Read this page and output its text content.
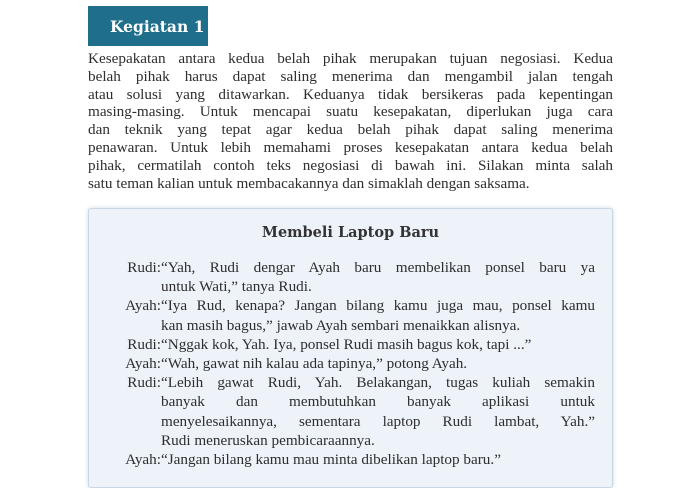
Kegiatan 1
Kesepakatan antara kedua belah pihak merupakan tujuan negosiasi. Kedua
belah pihak harus dapat saling menerima dan mengambil jalan tengah
atau solusi yang ditawarkan. Keduanya tidak bersikeras pada kepentingan
masing-masing. Untuk mencapai suatu kesepakatan, diperlukan juga cara
dan teknik yang tepat agar kedua belah pihak dapat saling menerima
penawaran. Untuk lebih memahami proses kesepakatan antara kedua belah
pihak, cermatilah contoh teks negosiasi di bawah ini. Silakan minta salah
satu teman kalian untuk membacakannya dan simaklah dengan saksama.
Membeli Laptop Baru
Rudi: “Yah, Rudi dengar Ayah baru membelikan ponsel baru ya
untuk Wati,” tanya Rudi.
Ayah: “Iya Rud, kenapa? Jangan bilang kamu juga mau, ponsel kamu
kan masih bagus,” jawab Ayah sembari menaikkan alisnya.
Rudi: “Nggak kok, Yah. Iya, ponsel Rudi masih bagus kok, tapi ...”
Ayah: “Wah, gawat nih kalau ada tapinya,” potong Ayah.
Rudi: “Lebih gawat Rudi, Yah. Belakangan, tugas kuliah semakin
banyak dan membutuhkan banyak aplikasi untuk
menyelesaikannya, sementara laptop Rudi lambat, Yah.”
Rudi meneruskan pembicaraannya.
Ayah: “Jangan bilang kamu mau minta dibelikan laptop baru.”
